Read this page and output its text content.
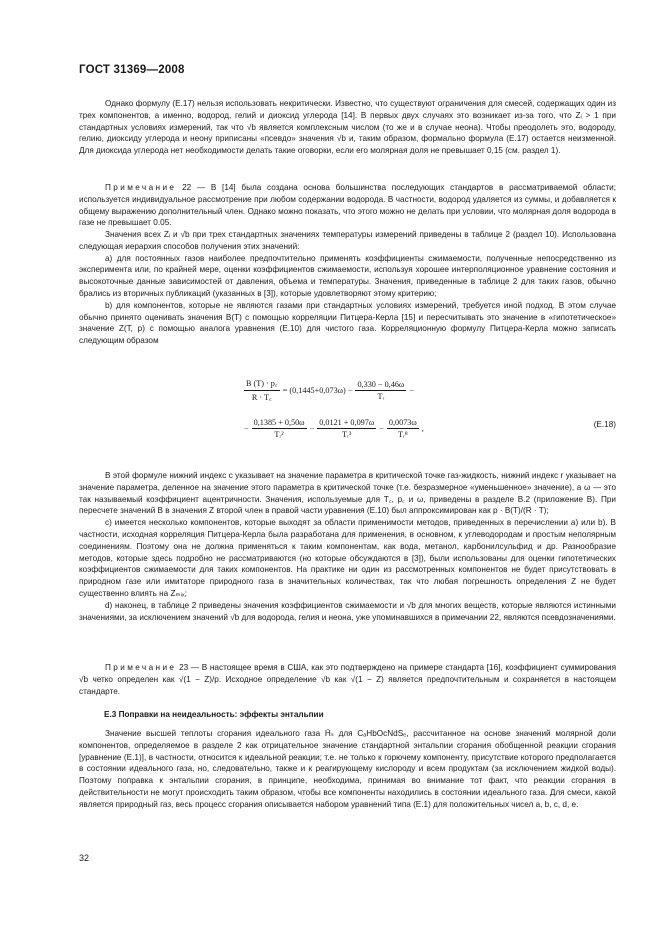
ГОСТ 31369—2008

Однако формулу (Е.17) нельзя использовать некритически. Известно, что существуют ограничения для смесей, содержащих один из трех компонентов, а именно, водород, гелий и диоксид углерода [14]. В первых двух случаях это возникает из-за того, что Zᵢ > 1 при стандартных условиях измерений, так что √b является комплексным числом (то же и в случае неона). Чтобы преодолеть это, водороду, гелию, диоксиду углерода и неону приписаны «псевдо» значения √b и, таким образом, формально формула (Е.17) остается неизменной. Для диоксида углерода нет необходимости делать такие оговорки, если его молярная доля не превышает 0,15 (см. раздел 1).

Примечание 22 — В [14] была создана основа большинства последующих стандартов в рассматриваемой области; используется индивидуальное рассмотрение при любом содержании водорода. В частности, водород удаляется из суммы, и добавляется к общему выражению дополнительный член. Однако можно показать, что этого можно не делать при условии, что молярная доля водорода в газе не превышает 0.05.

Значения всех Zᵢ и √b при трех стандартных значениях температуры измерений приведены в таблице 2 (раздел 10). Использована следующая иерархия способов получения этих значений:

а) для постоянных газов наиболее предпочтительно применять коэффициенты сжимаемости, полученные непосредственно из эксперимента или, по крайней мере, оценки коэффициентов сжимаемости, используя хорошее интерполяционное уравнение состояния и высокоточные данные зависимостей от давления, объема и температуры. Значения, приведенные в таблице 2 для таких газов, обычно брались из вторичных публикаций (указанных в [3]), которые удовлетворяют этому критерию;

b) для компонентов, которые не являются газами при стандартных условиях измерений, требуется иной подход. В этом случае обычно принято оценивать значения B(T) с помощью корреляции Питцера-Керла [15] и пересчитывать это значение в «гипотетическое» значение Z(T, p) с помощью аналога уравнения (Е.10) для чистого газа. Корреляционную формулу Питцера-Керла можно записать следующим образом

$\frac{B (T) \cdot p꜀}{R \cdot T꜀} = (0,1445+0,073\omega) - \frac{0,330 - 0,46\omega}{\text{Tᵣ}}$ −
− $\frac{0,1385 + 0,50\omega}{\text{Tᵣ²}} - \frac{0,0121 + 0,097\omega}{\text{Tᵣ³}} - \frac{0,0073\omega}{\text{Tᵣ⁸}}$ ,	(Е.18)

В этой формуле нижний индекс c указывает на значение параметра в критической точке газ-жидкость, нижний индекс r указывает на значение параметра, деленное на значение этого параметра в критической точке (т.е. безразмерное «уменьшенное» значение), а ω — это так называемый коэффициент ацентричности. Значения, используемые для T꜀, p꜀ и ω, приведены в разделе В.2 (приложение В). При пересчете значений В в значения Z второй член в правой части уравнения (Е.10) был аппроксимирован как p · B(T)/(R · T);

с) имеется несколько компонентов, которые выходят за области применимости методов, приведенных в перечислении а) или b). В частности, исходная корреляция Питцера-Керла была разработана для применения, в основном, к углеводородам и простым неполярным соединениям. Поэтому она не должна применяться к таким компонентам, как вода, метанол, карбонилсульфид и др. Разнообразие методов, которые здесь подробно не рассматриваются (но которые обсуждаются в [3]), были использованы для оценки гипотетических коэффициентов сжимаемости для таких компонентов. На практике ни один из рассмотренных компонентов не будет присутствовать в природном газе или имитаторе природного газа в значительных количествах, так что любая погрешность определения Z не будет существенно влиять на Zₘᵢₓ;

d) наконец, в таблице 2 приведены значения коэффициентов сжимаемости и √b для многих веществ, которые являются истинными значениями, за исключением значений √b для водорода, гелия и неона, уже упоминавшихся в примечании 22, являются псевдозначениями.

Примечание 23 — В настоящее время в США, как это подтверждено на примере стандарта [16], коэффициент суммирования √b четко определен как √(1 − Z)/p. Исходное определение √b как √(1 − Z) является предпочтительным и сохраняется в настоящем стандарте.

Е.3 Поправки на неидеальность: эффекты энтальпии

Значение высшей теплоты сгорания идеального газа H̄ₛ для CₐHbOcNdSₑ, рассчитанное на основе значений молярной доли компонентов, определяемое в разделе 2 как отрицательное значение стандартной энтальпии сгорания обобщенной реакции сгорания [уравнение (Е.1)], в частности, относится к идеальной реакции; т.е. не только к горючему компоненту, присутствие которого предполагается в состоянии идеального газа, но, следовательно, также и к реагирующему кислороду и всем продуктам (за исключением жидкой воды). Поэтому поправка к энтальпии сгорания, в принципе, необходима, принимая во внимание тот факт, что реакции сгорания в действительности не могут происходить таким образом, чтобы все компоненты находились в состоянии идеального газа. Для смеси, какой является природный газ, весь процесс сгорания описывается набором уравнений типа (Е.1) для положительных чисел a, b, c, d, e.

32
